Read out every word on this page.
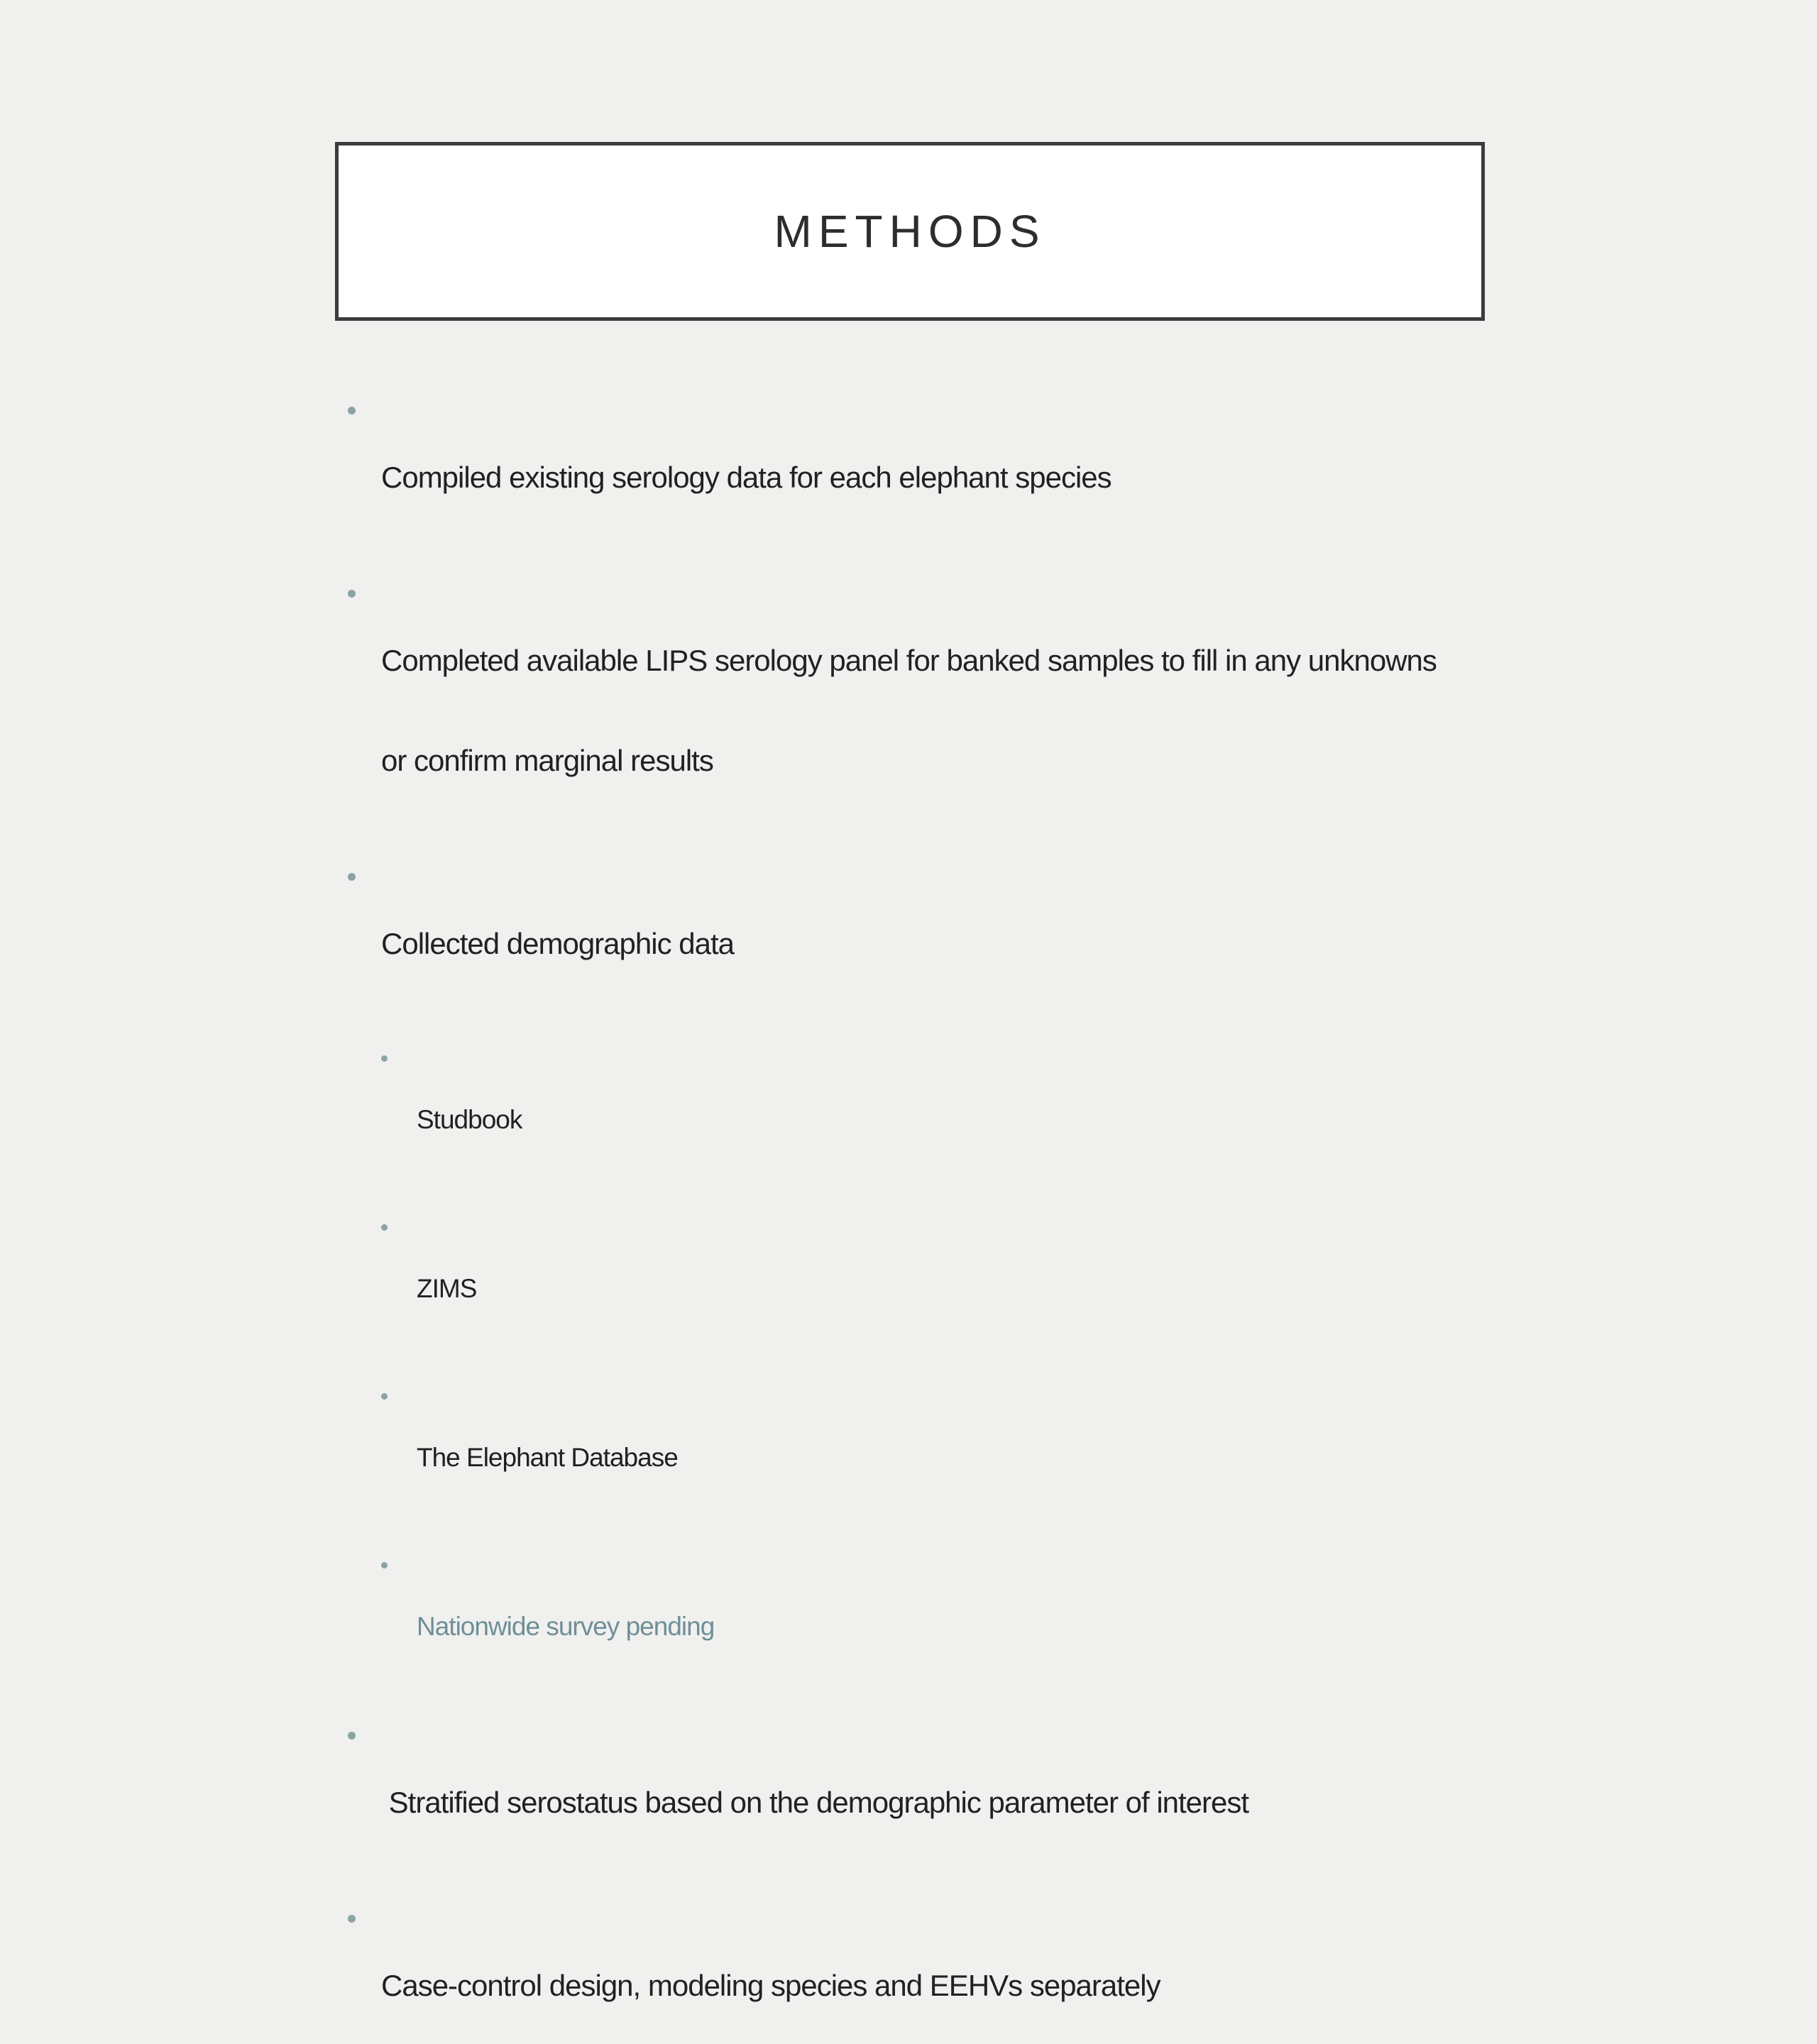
METHODS

Compiled existing serology data for each elephant species

Completed available LIPS serology panel for banked samples to fill in any unknowns

or confirm marginal results

Collected demographic data

Studbook

ZIMS

The Elephant Database

Nationwide survey pending

Stratified serostatus based on the demographic parameter of interest

Case-control design, modeling species and EEHVs separately
